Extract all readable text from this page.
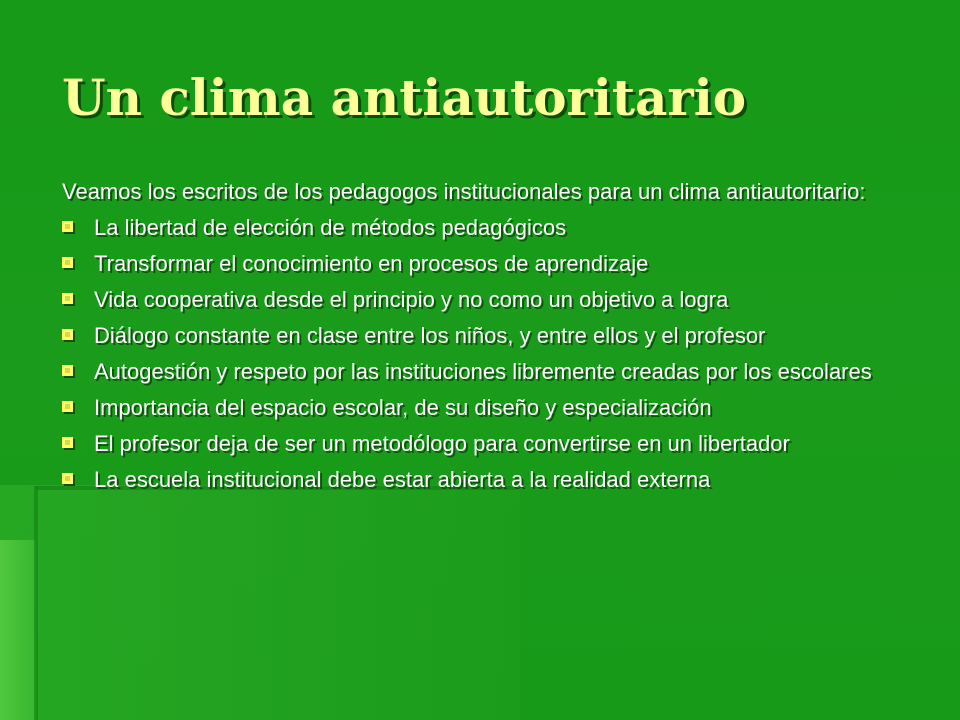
Un clima antiautoritario

Veamos los escritos de los pedagogos institucionales para un clima antiautoritario:

La libertad de elección de métodos pedagógicos
Transformar el conocimiento en procesos de aprendizaje
Vida cooperativa desde el principio y no como un objetivo a logra
Diálogo constante en clase entre los niños, y entre ellos y el profesor
Autogestión y respeto por las instituciones libremente creadas por los escolares
Importancia del espacio escolar, de su diseño y especialización
El profesor deja de ser un metodólogo para convertirse en un libertador
La escuela institucional debe estar abierta a la realidad externa
